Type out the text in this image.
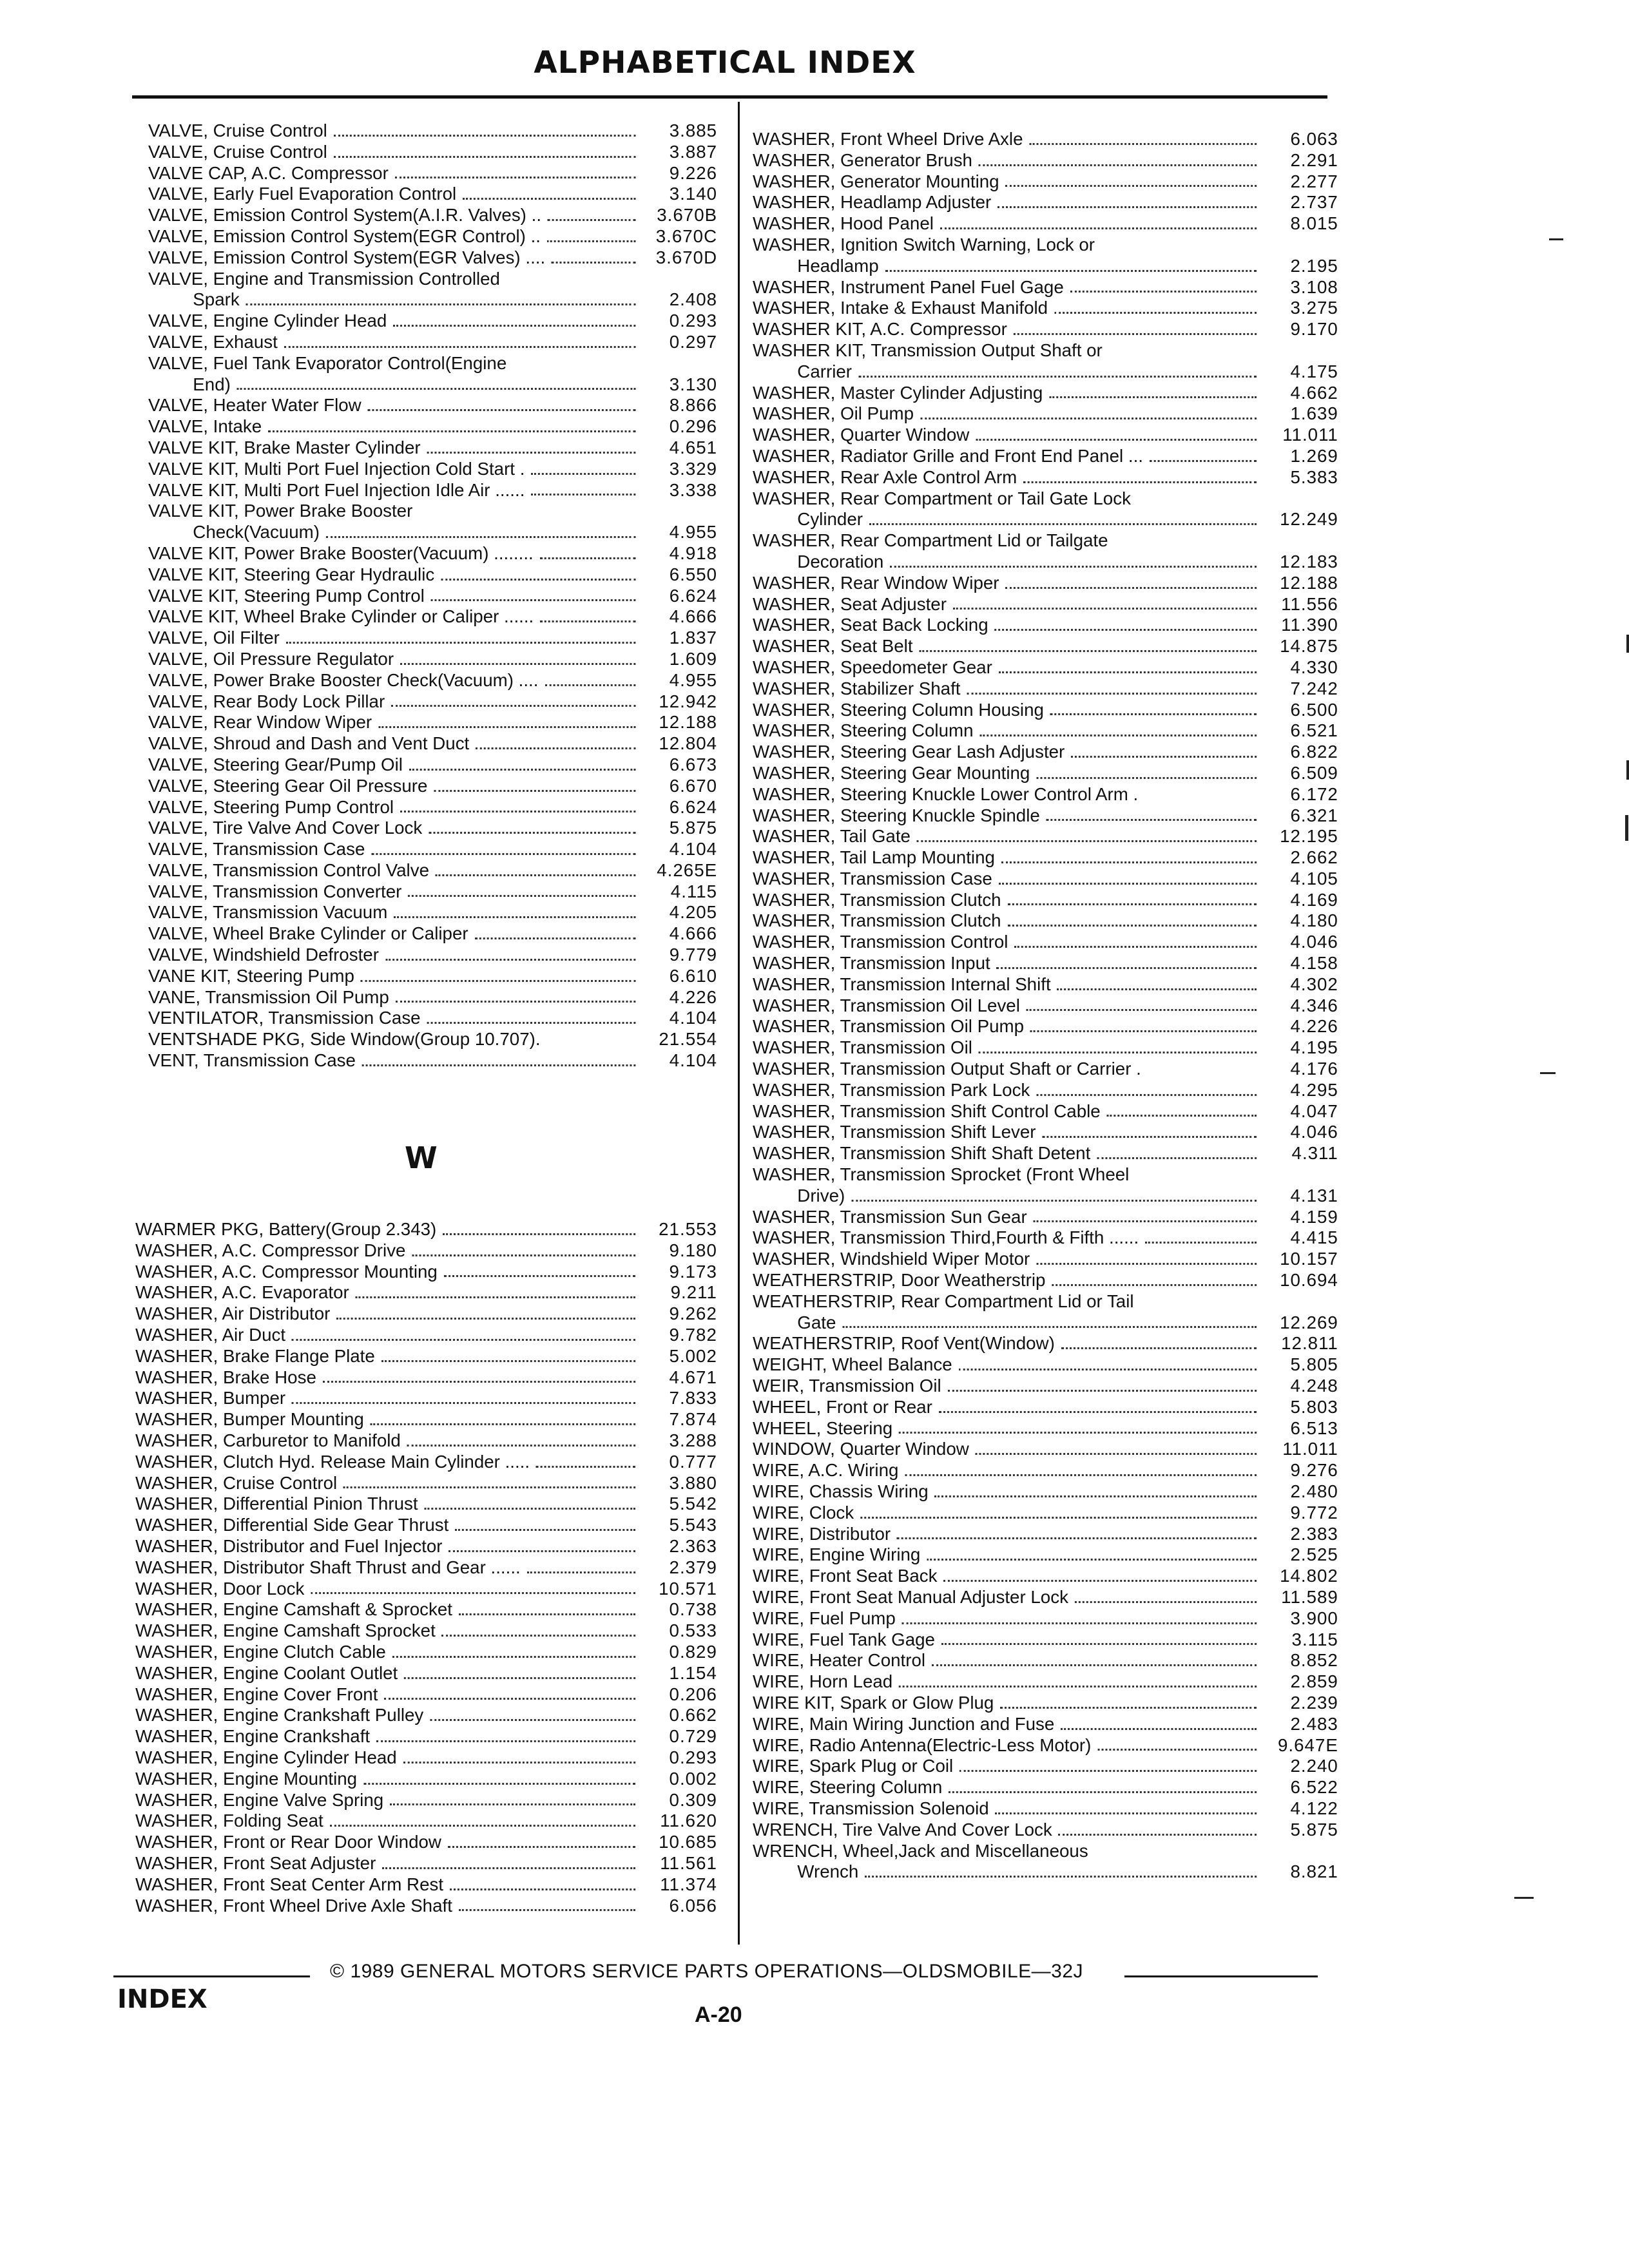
ALPHABETICAL INDEX
VALVE, Cruise Control	3.885
VALVE, Cruise Control	3.887
VALVE CAP, A.C. Compressor	9.226
VALVE, Early Fuel Evaporation Control	3.140
VALVE, Emission Control System(A.I.R. Valves) ..	3.670B
VALVE, Emission Control System(EGR Control) ..	3.670C
VALVE, Emission Control System(EGR Valves) ....	3.670D
VALVE, Engine and Transmission Controlled
Spark	2.408
VALVE, Engine Cylinder Head	0.293
VALVE, Exhaust	0.297
VALVE, Fuel Tank Evaporator Control(Engine
End)	3.130
VALVE, Heater Water Flow	8.866
VALVE, Intake	0.296
VALVE KIT, Brake Master Cylinder	4.651
VALVE KIT, Multi Port Fuel Injection Cold Start .	3.329
VALVE KIT, Multi Port Fuel Injection Idle Air ......	3.338
VALVE KIT, Power Brake Booster
Check(Vacuum)	4.955
VALVE KIT, Power Brake Booster(Vacuum) ........	4.918
VALVE KIT, Steering Gear Hydraulic	6.550
VALVE KIT, Steering Pump Control	6.624
VALVE KIT, Wheel Brake Cylinder or Caliper ......	4.666
VALVE, Oil Filter	1.837
VALVE, Oil Pressure Regulator	1.609
VALVE, Power Brake Booster Check(Vacuum) ....	4.955
VALVE, Rear Body Lock Pillar	12.942
VALVE, Rear Window Wiper	12.188
VALVE, Shroud and Dash and Vent Duct	12.804
VALVE, Steering Gear/Pump Oil	6.673
VALVE, Steering Gear Oil Pressure	6.670
VALVE, Steering Pump Control	6.624
VALVE, Tire Valve And Cover Lock	5.875
VALVE, Transmission Case	4.104
VALVE, Transmission Control Valve	4.265E
VALVE, Transmission Converter	4.115
VALVE, Transmission Vacuum	4.205
VALVE, Wheel Brake Cylinder or Caliper	4.666
VALVE, Windshield Defroster	9.779
VANE KIT, Steering Pump	6.610
VANE, Transmission Oil Pump	4.226
VENTILATOR, Transmission Case	4.104
VENTSHADE PKG, Side Window(Group 10.707).	21.554
VENT, Transmission Case	4.104
W
WARMER PKG, Battery(Group 2.343)	21.553
WASHER, A.C. Compressor Drive	9.180
WASHER, A.C. Compressor Mounting	9.173
WASHER, A.C. Evaporator	9.211
WASHER, Air Distributor	9.262
WASHER, Air Duct	9.782
WASHER, Brake Flange Plate	5.002
WASHER, Brake Hose	4.671
WASHER, Bumper	7.833
WASHER, Bumper Mounting	7.874
WASHER, Carburetor to Manifold	3.288
WASHER, Clutch Hyd. Release Main Cylinder .....	0.777
WASHER, Cruise Control	3.880
WASHER, Differential Pinion Thrust	5.542
WASHER, Differential Side Gear Thrust	5.543
WASHER, Distributor and Fuel Injector	2.363
WASHER, Distributor Shaft Thrust and Gear ......	2.379
WASHER, Door Lock	10.571
WASHER, Engine Camshaft & Sprocket	0.738
WASHER, Engine Camshaft Sprocket	0.533
WASHER, Engine Clutch Cable	0.829
WASHER, Engine Coolant Outlet	1.154
WASHER, Engine Cover Front	0.206
WASHER, Engine Crankshaft Pulley	0.662
WASHER, Engine Crankshaft	0.729
WASHER, Engine Cylinder Head	0.293
WASHER, Engine Mounting	0.002
WASHER, Engine Valve Spring	0.309
WASHER, Folding Seat	11.620
WASHER, Front or Rear Door Window	10.685
WASHER, Front Seat Adjuster	11.561
WASHER, Front Seat Center Arm Rest	11.374
WASHER, Front Wheel Drive Axle Shaft	6.056
WASHER, Front Wheel Drive Axle	6.063
WASHER, Generator Brush	2.291
WASHER, Generator Mounting	2.277
WASHER, Headlamp Adjuster	2.737
WASHER, Hood Panel	8.015
WASHER, Ignition Switch Warning, Lock or
Headlamp	2.195
WASHER, Instrument Panel Fuel Gage	3.108
WASHER, Intake & Exhaust Manifold	3.275
WASHER KIT, A.C. Compressor	9.170
WASHER KIT, Transmission Output Shaft or
Carrier	4.175
WASHER, Master Cylinder Adjusting	4.662
WASHER, Oil Pump	1.639
WASHER, Quarter Window	11.011
WASHER, Radiator Grille and Front End Panel ...	1.269
WASHER, Rear Axle Control Arm	5.383
WASHER, Rear Compartment or Tail Gate Lock
Cylinder	12.249
WASHER, Rear Compartment Lid or Tailgate
Decoration	12.183
WASHER, Rear Window Wiper	12.188
WASHER, Seat Adjuster	11.556
WASHER, Seat Back Locking	11.390
WASHER, Seat Belt	14.875
WASHER, Speedometer Gear	4.330
WASHER, Stabilizer Shaft	7.242
WASHER, Steering Column Housing	6.500
WASHER, Steering Column	6.521
WASHER, Steering Gear Lash Adjuster	6.822
WASHER, Steering Gear Mounting	6.509
WASHER, Steering Knuckle Lower Control Arm .	6.172
WASHER, Steering Knuckle Spindle	6.321
WASHER, Tail Gate	12.195
WASHER, Tail Lamp Mounting	2.662
WASHER, Transmission Case	4.105
WASHER, Transmission Clutch	4.169
WASHER, Transmission Clutch	4.180
WASHER, Transmission Control	4.046
WASHER, Transmission Input	4.158
WASHER, Transmission Internal Shift	4.302
WASHER, Transmission Oil Level	4.346
WASHER, Transmission Oil Pump	4.226
WASHER, Transmission Oil	4.195
WASHER, Transmission Output Shaft or Carrier .	4.176
WASHER, Transmission Park Lock	4.295
WASHER, Transmission Shift Control Cable	4.047
WASHER, Transmission Shift Lever	4.046
WASHER, Transmission Shift Shaft Detent	4.311
WASHER, Transmission Sprocket (Front Wheel
Drive)	4.131
WASHER, Transmission Sun Gear	4.159
WASHER, Transmission Third,Fourth & Fifth ......	4.415
WASHER, Windshield Wiper Motor	10.157
WEATHERSTRIP, Door Weatherstrip	10.694
WEATHERSTRIP, Rear Compartment Lid or Tail
Gate	12.269
WEATHERSTRIP, Roof Vent(Window)	12.811
WEIGHT, Wheel Balance	5.805
WEIR, Transmission Oil	4.248
WHEEL, Front or Rear	5.803
WHEEL, Steering	6.513
WINDOW, Quarter Window	11.011
WIRE, A.C. Wiring	9.276
WIRE, Chassis Wiring	2.480
WIRE, Clock	9.772
WIRE, Distributor	2.383
WIRE, Engine Wiring	2.525
WIRE, Front Seat Back	14.802
WIRE, Front Seat Manual Adjuster Lock	11.589
WIRE, Fuel Pump	3.900
WIRE, Fuel Tank Gage	3.115
WIRE, Heater Control	8.852
WIRE, Horn Lead	2.859
WIRE KIT, Spark or Glow Plug	2.239
WIRE, Main Wiring Junction and Fuse	2.483
WIRE, Radio Antenna(Electric-Less Motor)	9.647E
WIRE, Spark Plug or Coil	2.240
WIRE, Steering Column	6.522
WIRE, Transmission Solenoid	4.122
WRENCH, Tire Valve And Cover Lock	5.875
WRENCH, Wheel,Jack and Miscellaneous
Wrench	8.821
© 1989 GENERAL MOTORS SERVICE PARTS OPERATIONS—OLDSMOBILE—32J
INDEX
A-20
